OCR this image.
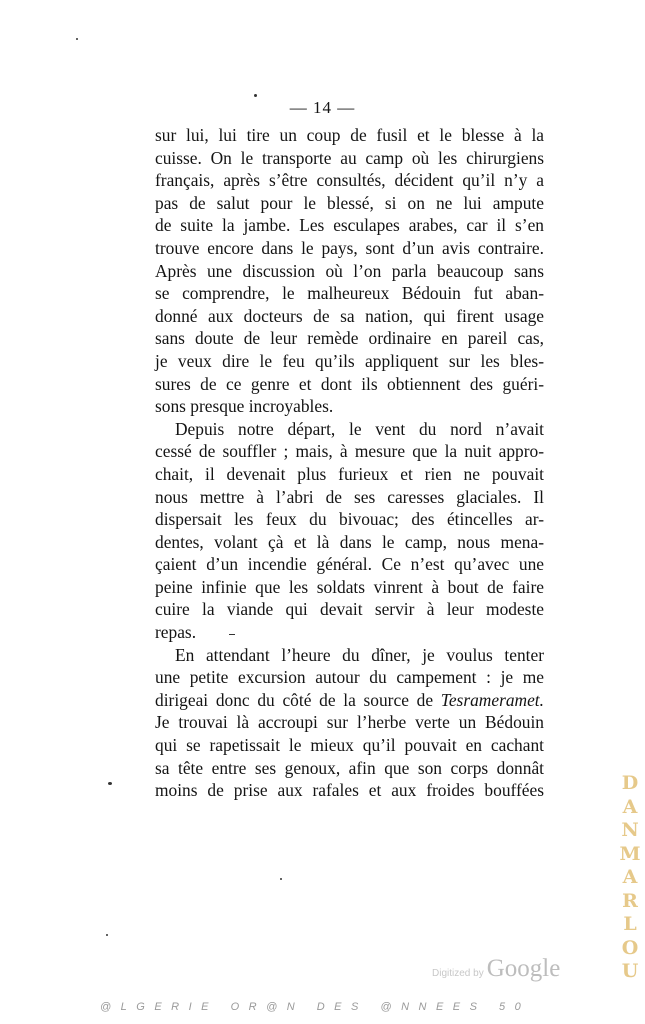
— 14 —
sur lui, lui tire un coup de fusil et le blesse à la
cuisse. On le transporte au camp où les chirurgiens
français, après s’être consultés, décident qu’il n’y a
pas de salut pour le blessé, si on ne lui ampute
de suite la jambe. Les esculapes arabes, car il s’en
trouve encore dans le pays, sont d’un avis contraire.
Après une discussion où l’on parla beaucoup sans
se comprendre, le malheureux Bédouin fut aban-
donné aux docteurs de sa nation, qui firent usage
sans doute de leur remède ordinaire en pareil cas,
je veux dire le feu qu’ils appliquent sur les bles-
sures de ce genre et dont ils obtiennent des guéri-
sons presque incroyables.
Depuis notre départ, le vent du nord n’avait
cessé de souffler ; mais, à mesure que la nuit appro-
chait, il devenait plus furieux et rien ne pouvait
nous mettre à l’abri de ses caresses glaciales. Il
dispersait les feux du bivouac; des étincelles ar-
dentes, volant çà et là dans le camp, nous mena-
çaient d’un incendie général. Ce n’est qu’avec une
peine infinie que les soldats vinrent à bout de faire
cuire la viande qui devait servir à leur modeste
repas.
En attendant l’heure du dîner, je voulus tenter
une petite excursion autour du campement : je me
dirigeai donc du côté de la source de Tesrameramet.
Je trouvai là accroupi sur l’herbe verte un Bédouin
qui se rapetissait le mieux qu’il pouvait en cachant
sa tête entre ses genoux, afin que son corps donnât
moins de prise aux rafales et aux froides bouffées	D
A
N
M
A
R
L
O
U
Digitized by Google
@LGERIE OR@N DES @NNEES 50
